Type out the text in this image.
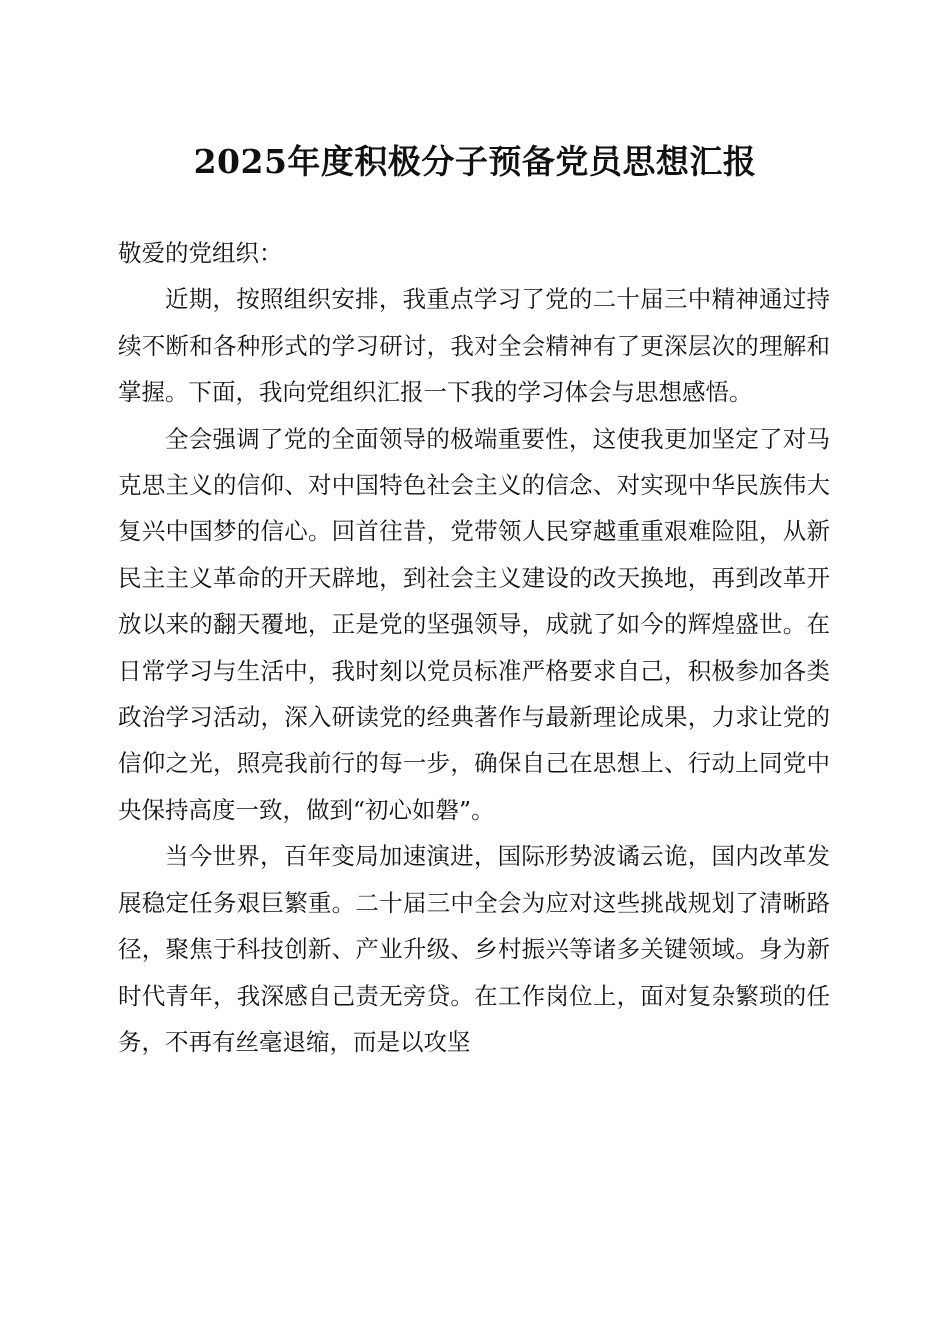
2025年度积极分子预备党员思想汇报

敬爱的党组织：

近期，按照组织安排，我重点学习了党的二十届三中精神通过持续不断和各种形式的学习研讨，我对全会精神有了更深层次的理解和掌握。下面，我向党组织汇报一下我的学习体会与思想感悟。

全会强调了党的全面领导的极端重要性，这使我更加坚定了对马克思主义的信仰、对中国特色社会主义的信念、对实现中华民族伟大复兴中国梦的信心。回首往昔，党带领人民穿越重重艰难险阻，从新民主主义革命的开天辟地，到社会主义建设的改天换地，再到改革开放以来的翻天覆地，正是党的坚强领导，成就了如今的辉煌盛世。在日常学习与生活中，我时刻以党员标准严格要求自己，积极参加各类政治学习活动，深入研读党的经典著作与最新理论成果，力求让党的信仰之光，照亮我前行的每一步，确保自己在思想上、行动上同党中央保持高度一致，做到“初心如磐”。

当今世界，百年变局加速演进，国际形势波谲云诡，国内改革发展稳定任务艰巨繁重。二十届三中全会为应对这些挑战规划了清晰路径，聚焦于科技创新、产业升级、乡村振兴等诸多关键领域。身为新时代青年，我深感自己责无旁贷。在工作岗位上，面对复杂繁琐的任务，不再有丝毫退缩，而是以攻坚
